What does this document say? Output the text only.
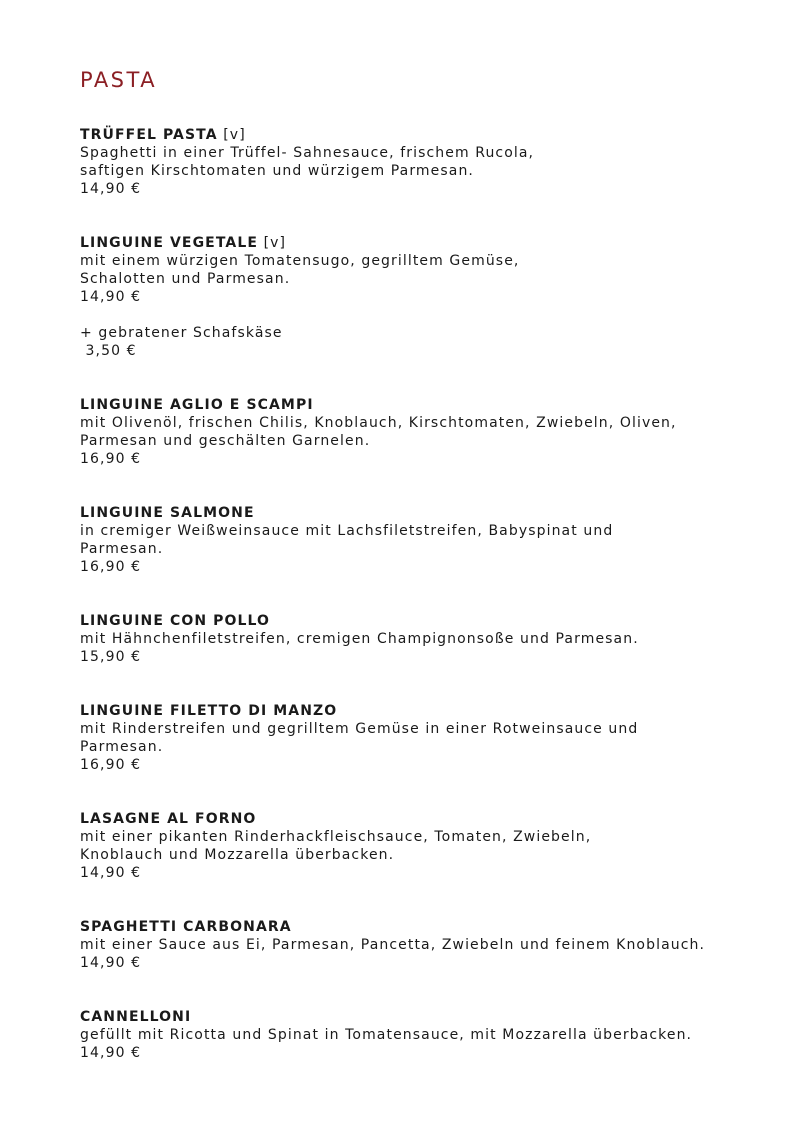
PASTA
TRÜFFEL PASTA [v]
Spaghetti in einer Trüffel- Sahnesauce, frischem Rucola,
saftigen Kirschtomaten und würzigem Parmesan.
14,90 €
LINGUINE VEGETALE [v]
mit einem würzigen Tomatensugo, gegrilltem Gemüse,
Schalotten und Parmesan.
14,90 €
+ gebratener Schafskäse
3,50 €
LINGUINE AGLIO E SCAMPI
mit Olivenöl, frischen Chilis, Knoblauch, Kirschtomaten, Zwiebeln, Oliven,
Parmesan und geschälten Garnelen.
16,90 €
LINGUINE SALMONE
in cremiger Weißweinsauce mit Lachsfiletstreifen, Babyspinat und
Parmesan.
16,90 €
LINGUINE CON POLLO
mit Hähnchenfiletstreifen, cremigen Champignonsoße und Parmesan.
15,90 €
LINGUINE FILETTO DI MANZO
mit Rinderstreifen und gegrilltem Gemüse in einer Rotweinsauce und
Parmesan.
16,90 €
LASAGNE AL FORNO
mit einer pikanten Rinderhackfleischsauce, Tomaten, Zwiebeln,
Knoblauch und Mozzarella überbacken.
14,90 €
SPAGHETTI CARBONARA
mit einer Sauce aus Ei, Parmesan, Pancetta, Zwiebeln und feinem Knoblauch.
14,90 €
CANNELLONI
gefüllt mit Ricotta und Spinat in Tomatensauce, mit Mozzarella überbacken.
14,90 €
